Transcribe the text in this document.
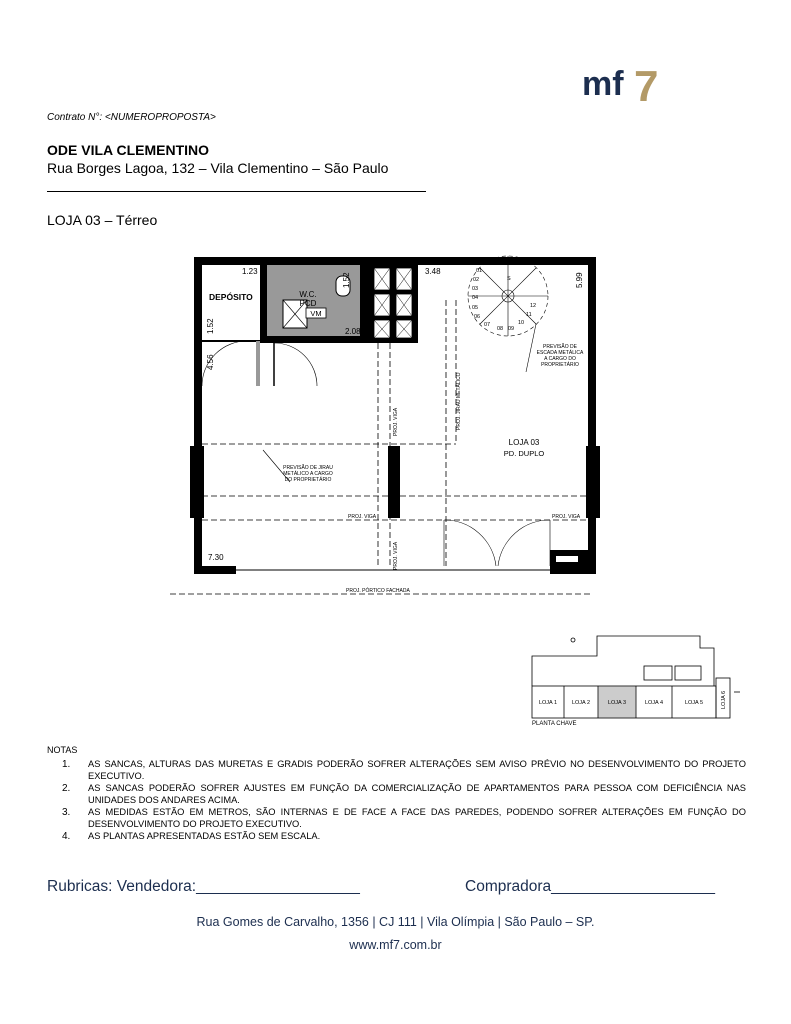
mf 7
Contrato N°: <NUMEROPROPOSTA>
ODE VILA CLEMENTINO
Rua Borges Lagoa, 132 – Vila Clementino – São Paulo
LOJA 03 – Térreo
01
02
03
04
05
06
07
08 09
10
11
12
S
1.23	3.48
2.08
7.30
1.52	5.99
1.52
4.56
DEPÓSITO	W.C.
PCD
VM
LOJA 03
PD. DUPLO
PREVISÃO DE
ESCADA METÁLICA
A CARGO DO
PROPRIETÁRIO
PREVISÃO DE JIRAU
METÁLICO A CARGO
DO PROPRIETÁRIO
PROJ. VIGA	PROJ. VIGA
PROJ. PÓRTICO FACHADA
PROJ. VIGA
PROJ. VIGA
PROJ. JIRAU METÁLICO
LOJA 1	LOJA 2	LOJA 3	LOJA 4	LOJA 5	LOJA 6
PLANTA CHAVE
NOTAS
1.	AS SANCAS, ALTURAS DAS MURETAS E GRADIS PODERÃO SOFRER ALTERAÇÕES SEM AVISO PRÉVIO NO DESENVOLVIMENTO DO PROJETO EXECUTIVO.
2.	AS SANCAS PODERÃO SOFRER AJUSTES EM FUNÇÃO DA COMERCIALIZAÇÃO DE APARTAMENTOS PARA PESSOA COM DEFICIÊNCIA NAS UNIDADES DOS ANDARES ACIMA.
3.	AS MEDIDAS ESTÃO EM METROS, SÃO INTERNAS E DE FACE A FACE DAS PAREDES, PODENDO SOFRER ALTERAÇÕES EM FUNÇÃO DO DESENVOLVIMENTO DO PROJETO EXECUTIVO.
4.	AS PLANTAS APRESENTADAS ESTÃO SEM ESCALA.
Rubricas: Vendedora:___________________	Compradora___________________
Rua Gomes de Carvalho, 1356 | CJ 111 | Vila Olímpia | São Paulo – SP.
www.mf7.com.br
